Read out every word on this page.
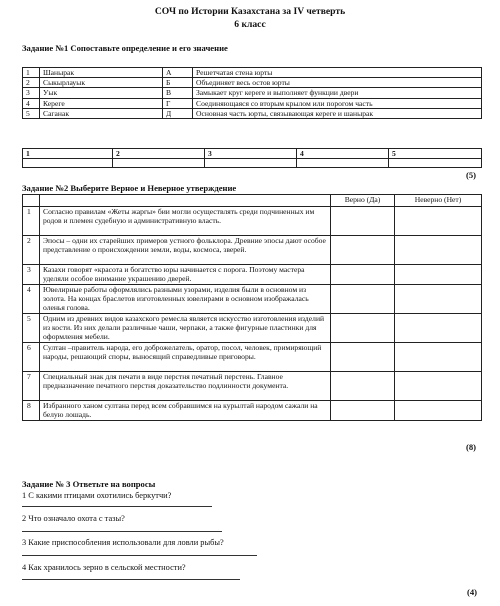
СОЧ по Истории Казахстана за IV четверть
6 класс
Задание №1 Сопоставьте определение и его значение
1	Шанырак	А	Решетчатая стена юрты
2	Сыкырлауык	Б	Объединяет весь остов юрты
3	Уык	В	Замыкает круг кереге и выполняет функции двери
4	Кереге	Г	Соединяющаяся со вторым крылом или порогом часть
5	Саганак	Д	Основная часть юрты, связывающая кереге и шанырак
1	2	3	4	5

(5)
Задание №2 Выберите Верное и Неверное утверждение
		Верно (Да)	Неверно (Нет)
1	Согласно правилам «Жеты жаргы» бии могли осуществлять среди подчиненных им родов и племен судебную и административную власть.		
2	Эпосы – одни их старейших примеров устного фольклора. Древние эпосы дают особое представление о происхождении земли, воды, космоса, зверей.		
3	Казахи говорят «красота и богатство юры начинается с порога. Поэтому мастера уделяли особое внимание украшению дверей.		
4	Ювелирные работы оформлялись разными узорами, изделия были в основном из золота. На концах браслетов изготовленных ювелирами в основном изображалась оленья голова.		
5	Одним из древних видов казахского ремесла является искусство изготовления изделий из кости. Из них делали различные чаши, черпаки, а также фигурные пластинки для оформления мебели.		
6	Султан –правитель народа, его доброжелатель, оратор, посол, человек, примиряющий народы, решающий споры, выносящий справедливые приговоры.		
7	Специальный знак для печати в виде перстня печатный перстень. Главное предназначение печатного перстня доказательство подлинности документа.		
8	Избранного ханом султана перед всем собравшимся на курылтай народом сажали на белую лошадь.		
(8)
Задание № 3 Ответьте на вопросы
1 С какими птицами охотились беркутчи?
2 Что означало охота с тазы?
3 Какие приспособления использовали для ловли рыбы?
4 Как хранилось зерно в сельской местности?
(4)
